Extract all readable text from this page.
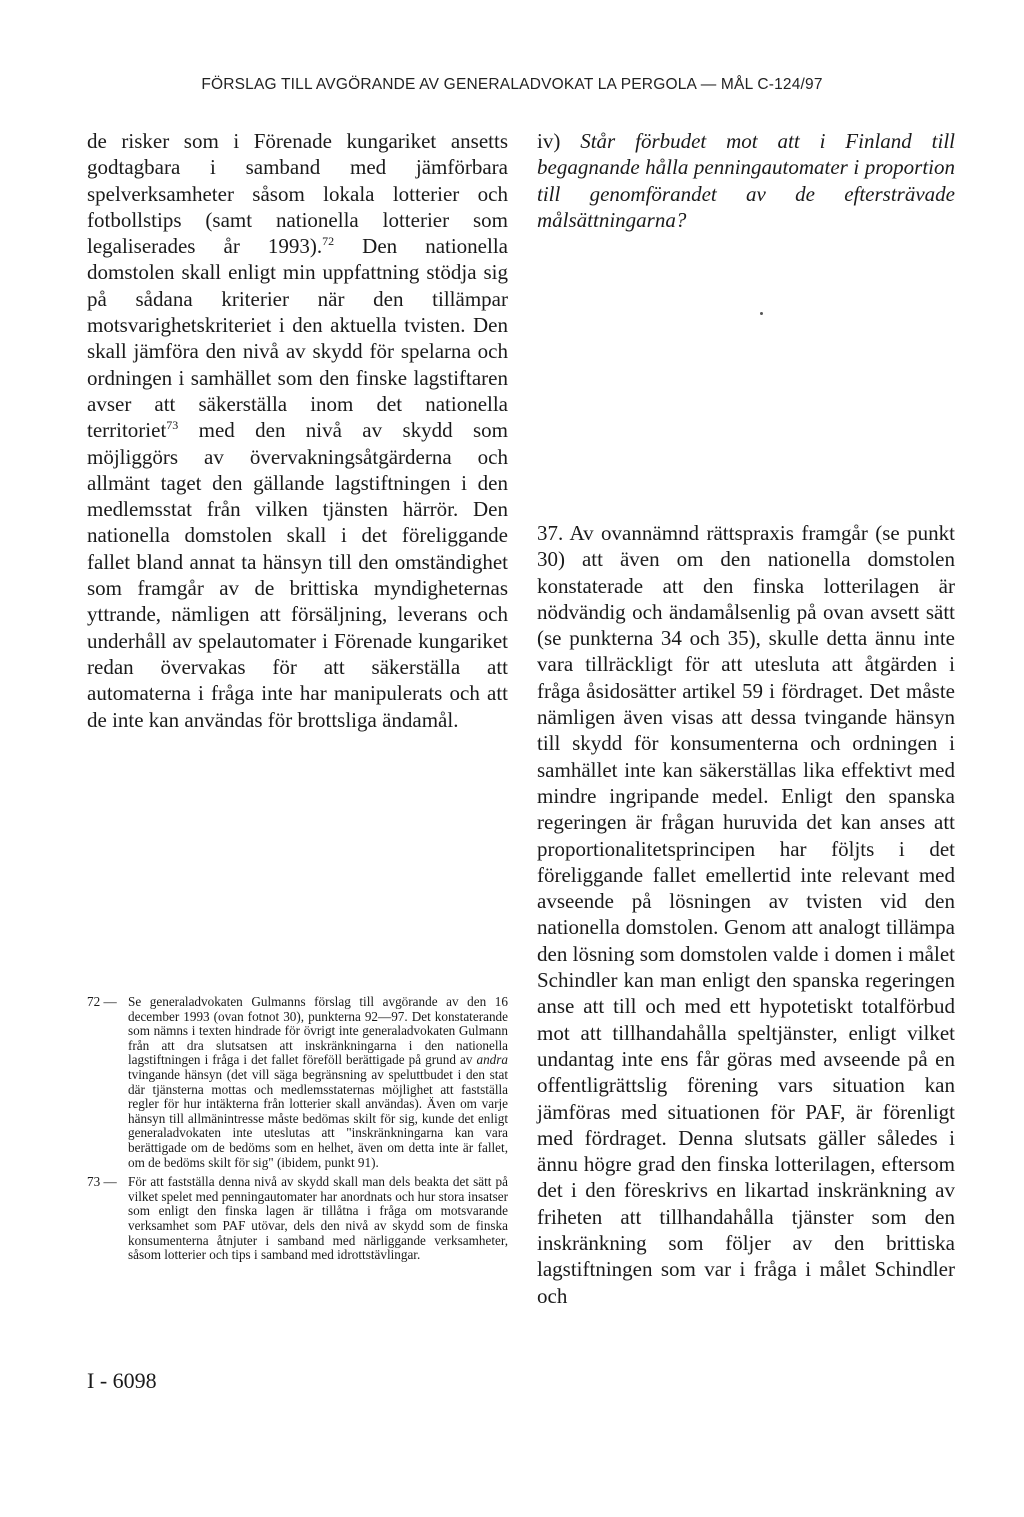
FÖRSLAG TILL AVGÖRANDE AV GENERALADVOKAT LA PERGOLA — MÅL C-124/97

de risker som i Förenade kungariket ansetts godtagbara i samband med jämförbara spelverksamheter såsom lokala lotterier och fotbollstips (samt nationella lotterier som legaliserades år 1993).$^{72}$ Den nationella domstolen skall enligt min uppfattning stödja sig på sådana kriterier när den tillämpar motsvarighetskriteriet i den aktuella tvisten. Den skall jämföra den nivå av skydd för spelarna och ordningen i samhället som den finske lagstiftaren avser att säkerställa inom det nationella territoriet$^{73}$ med den nivå av skydd som möjliggörs av övervakningsåtgärderna och allmänt taget den gällande lagstiftningen i den medlemsstat från vilken tjänsten härrör. Den nationella domstolen skall i det föreliggande fallet bland annat ta hänsyn till den omständighet som framgår av de brittiska myndigheternas yttrande, nämligen att försäljning, leverans och underhåll av spelautomater i Förenade kungariket redan övervakas för att säkerställa att automaterna i fråga inte har manipulerats och att de inte kan användas för brottsliga ändamål.

iv) Står förbudet mot att i Finland till begagnande hålla penningautomater i proportion till genomförandet av de eftersträvade målsättningarna?

37. Av ovannämnd rättspraxis framgår (se punkt 30) att även om den nationella domstolen konstaterade att den finska lotterilagen är nödvändig och ändamålsenlig på ovan avsett sätt (se punkterna 34 och 35), skulle detta ännu inte vara tillräckligt för att utesluta att åtgärden i fråga åsidosätter artikel 59 i fördraget. Det måste nämligen även visas att dessa tvingande hänsyn till skydd för konsumenterna och ordningen i samhället inte kan säkerställas lika effektivt med mindre ingripande medel. Enligt den spanska regeringen är frågan huruvida det kan anses att proportionalitetsprincipen har följts i det föreliggande fallet emellertid inte relevant med avseende på lösningen av tvisten vid den nationella domstolen. Genom att analogt tillämpa den lösning som domstolen valde i domen i målet Schindler kan man enligt den spanska regeringen anse att till och med ett hypotetiskt totalförbud mot att tillhandahålla speltjänster, enligt vilket undantag inte ens får göras med avseende på en offentligrättslig förening vars situation kan jämföras med situationen för PAF, är förenligt med fördraget. Denna slutsats gäller således i ännu högre grad den finska lotterilagen, eftersom det i den föreskrivs en likartad inskränkning av friheten att tillhandahålla tjänster som den inskränkning som följer av den brittiska lagstiftningen som var i fråga i målet Schindler och

72 — Se generaladvokaten Gulmanns förslag till avgörande av den 16 december 1993 (ovan fotnot 30), punkterna 92—97. Det konstaterande som nämns i texten hindrade för övrigt inte generaladvokaten Gulmann från att dra slutsatsen att inskränkningarna i den nationella lagstiftningen i fråga i det fallet föreföll berättigade på grund av andra tvingande hänsyn (det vill säga begränsning av speluttbudet i den stat där tjänsterna mottas och medlemsstaternas möjlighet att fastställa regler för hur intäkterna från lotterier skall användas). Även om varje hänsyn till allmänintresse måste bedömas skilt för sig, kunde det enligt generaladvokaten inte uteslutas att "inskränkningarna kan vara berättigade om de bedöms som en helhet, även om detta inte är fallet, om de bedöms skilt för sig" (ibidem, punkt 91).
73 — För att fastställa denna nivå av skydd skall man dels beakta det sätt på vilket spelet med penningautomater har anordnats och hur stora insatser som enligt den finska lagen är tillåtna i fråga om motsvarande verksamhet som PAF utövar, dels den nivå av skydd som de finska konsumenterna åtnjuter i samband med närliggande verksamheter, såsom lotterier och tips i samband med idrottstävlingar.
I - 6098
